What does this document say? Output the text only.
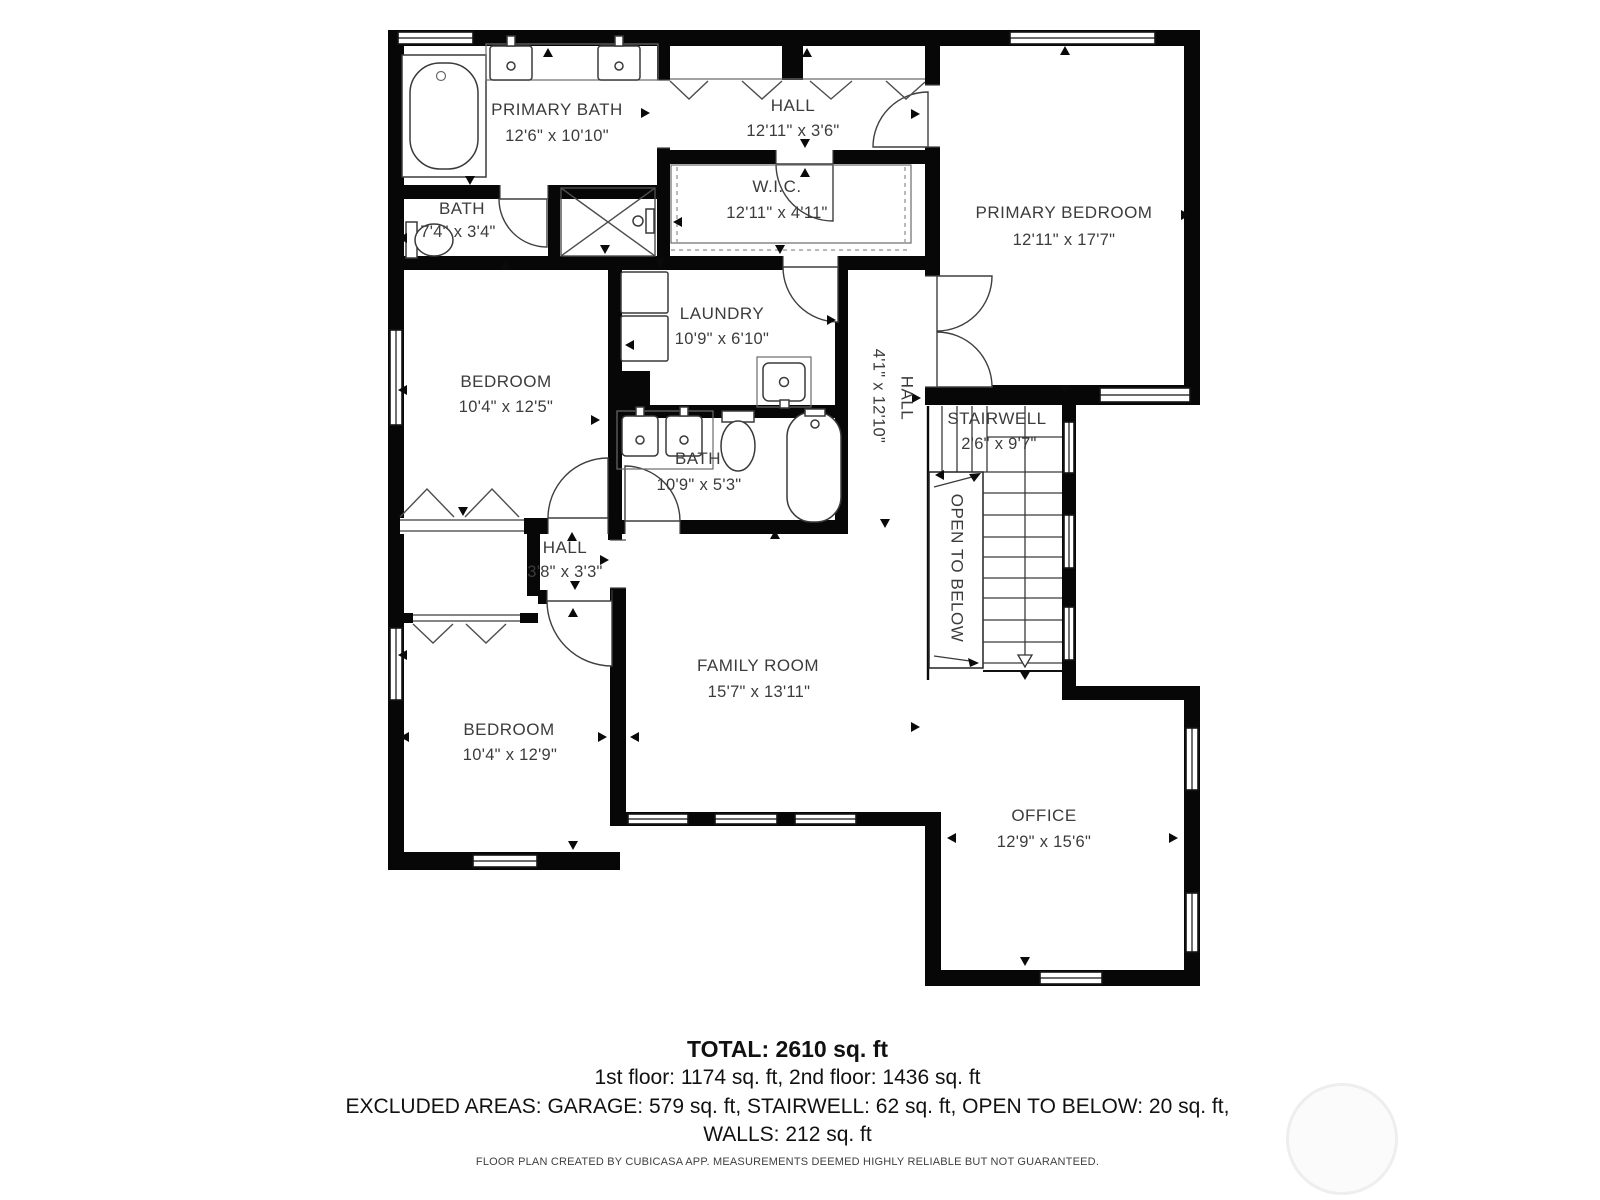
PRIMARY BATH
12'6" x 10'10"
HALL
12'11" x 3'6"
BATH
7'4" x 3'4"
W.I.C.
12'11" x 4'11"	PRIMARY BEDROOM
12'11" x 17'7"
BEDROOM
10'4" x 12'5"
LAUNDRY
10'9" x 6'10"
HALL
4'1" x 12'10"	STAIRWELL
2'6" x 9'7"
OPEN TO BELOW
BATH
10'9" x 5'3"
HALL
3'8" x 3'3"
FAMILY ROOM
15'7" x 13'11"
BEDROOM
10'4" x 12'9"
OFFICE
12'9" x 15'6"
TOTAL: 2610 sq. ft
1st floor: 1174 sq. ft, 2nd floor: 1436 sq. ft
EXCLUDED AREAS: GARAGE: 579 sq. ft, STAIRWELL: 62 sq. ft, OPEN TO BELOW: 20 sq. ft,
WALLS: 212 sq. ft
FLOOR PLAN CREATED BY CUBICASA APP. MEASUREMENTS DEEMED HIGHLY RELIABLE BUT NOT GUARANTEED.
